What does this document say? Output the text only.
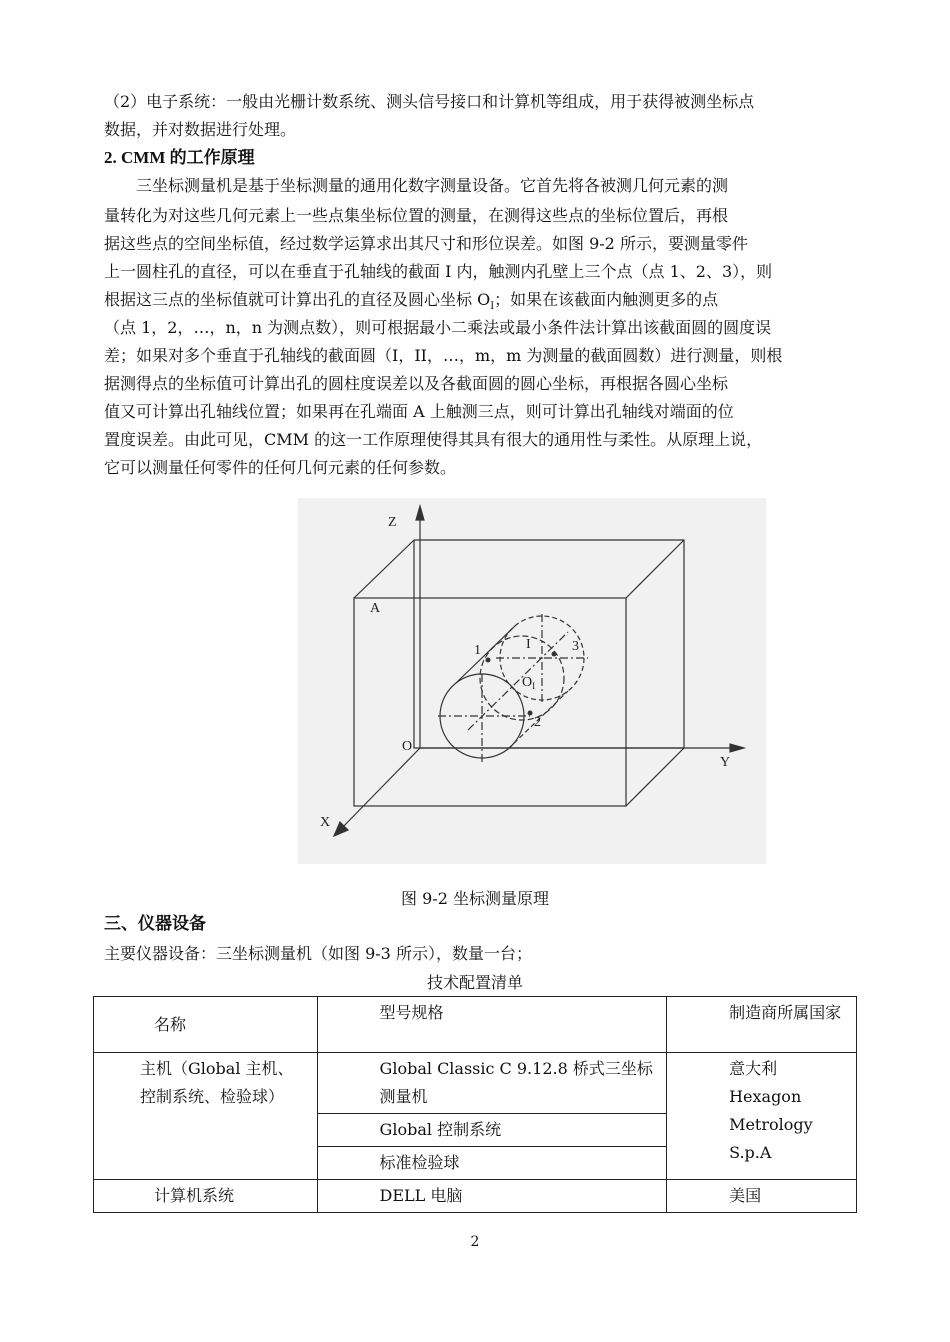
（2）电子系统：一般由光栅计数系统、测头信号接口和计算机等组成，用于获得被测坐标点
数据，并对数据进行处理。
2. CMM 的工作原理
三坐标测量机是基于坐标测量的通用化数字测量设备。它首先将各被测几何元素的测
量转化为对这些几何元素上一些点集坐标位置的测量，在测得这些点的坐标位置后，再根
据这些点的空间坐标值，经过数学运算求出其尺寸和形位误差。如图 9-2 所示，要测量零件
上一圆柱孔的直径，可以在垂直于孔轴线的截面 I 内，触测内孔壁上三个点（点 1、2、3），则
根据这三点的坐标值就可计算出孔的直径及圆心坐标 $O_I$；如果在该截面内触测更多的点
（点 1，2，…，n，n 为测点数），则可根据最小二乘法或最小条件法计算出该截面圆的圆度误
差；如果对多个垂直于孔轴线的截面圆（I，II，…，m，m 为测量的截面圆数）进行测量，则根
据测得点的坐标值可计算出孔的圆柱度误差以及各截面圆的圆心坐标，再根据各圆心坐标
值又可计算出孔轴线位置；如果再在孔端面 A 上触测三点，则可计算出孔轴线对端面的位
置度误差。由此可见，CMM 的这一工作原理使得其具有很大的通用性与柔性。从原理上说，
它可以测量任何零件的任何几何元素的任何参数。
Z
Y
X
O
A
1
2
3
I
$O_I$
图 9-2 坐标测量原理
三、仪器设备
主要仪器设备：三坐标测量机（如图 9-3 所示），数量一台；
技术配置清单
名称	型号规格	制造商所属国家
主机（Global 主机、控制系统、检验球）	Global Classic C 9.12.8 桥式三坐标测量机	意大利 Hexagon Metrology S.p.A
	Global 控制系统	
	标准检验球	
计算机系统	DELL 电脑	美国
2
